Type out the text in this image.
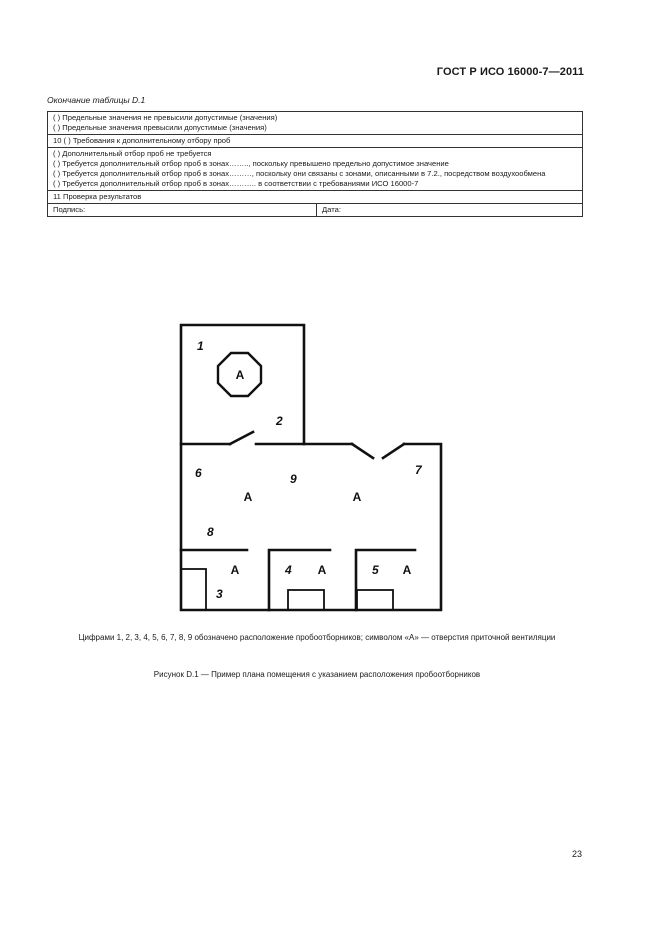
ГОСТ Р ИСО 16000-7—2011
Окончание таблицы D.1
( ) Предельные значения не превысили допустимые (значения)
( ) Предельные значения превысили допустимые (значения)

10 ( ) Требования к дополнительному отбору проб

( ) Дополнительный отбор проб не требуется
( ) Требуется дополнительный отбор проб в зонах…….., поскольку превышено предельно допустимое значение
( ) Требуется дополнительный отбор проб в зонах………, поскольку они связаны с зонами, описанными в 7.2., посредством воздухообмена
( ) Требуется дополнительный отбор проб в зонах……….. в соответствии с требованиями ИСО 16000-7

11 Проверка результатов
Подпись:	Дата:
1
2
3
4	5
6	7
8
9
A
A	A
A	A	A
Цифрами 1, 2, 3, 4, 5, 6, 7, 8, 9 обозначено расположение пробоотборников; символом «А» — отверстия приточной вентиляции
Рисунок D.1 — Пример плана помещения с указанием расположения пробоотборников
23
